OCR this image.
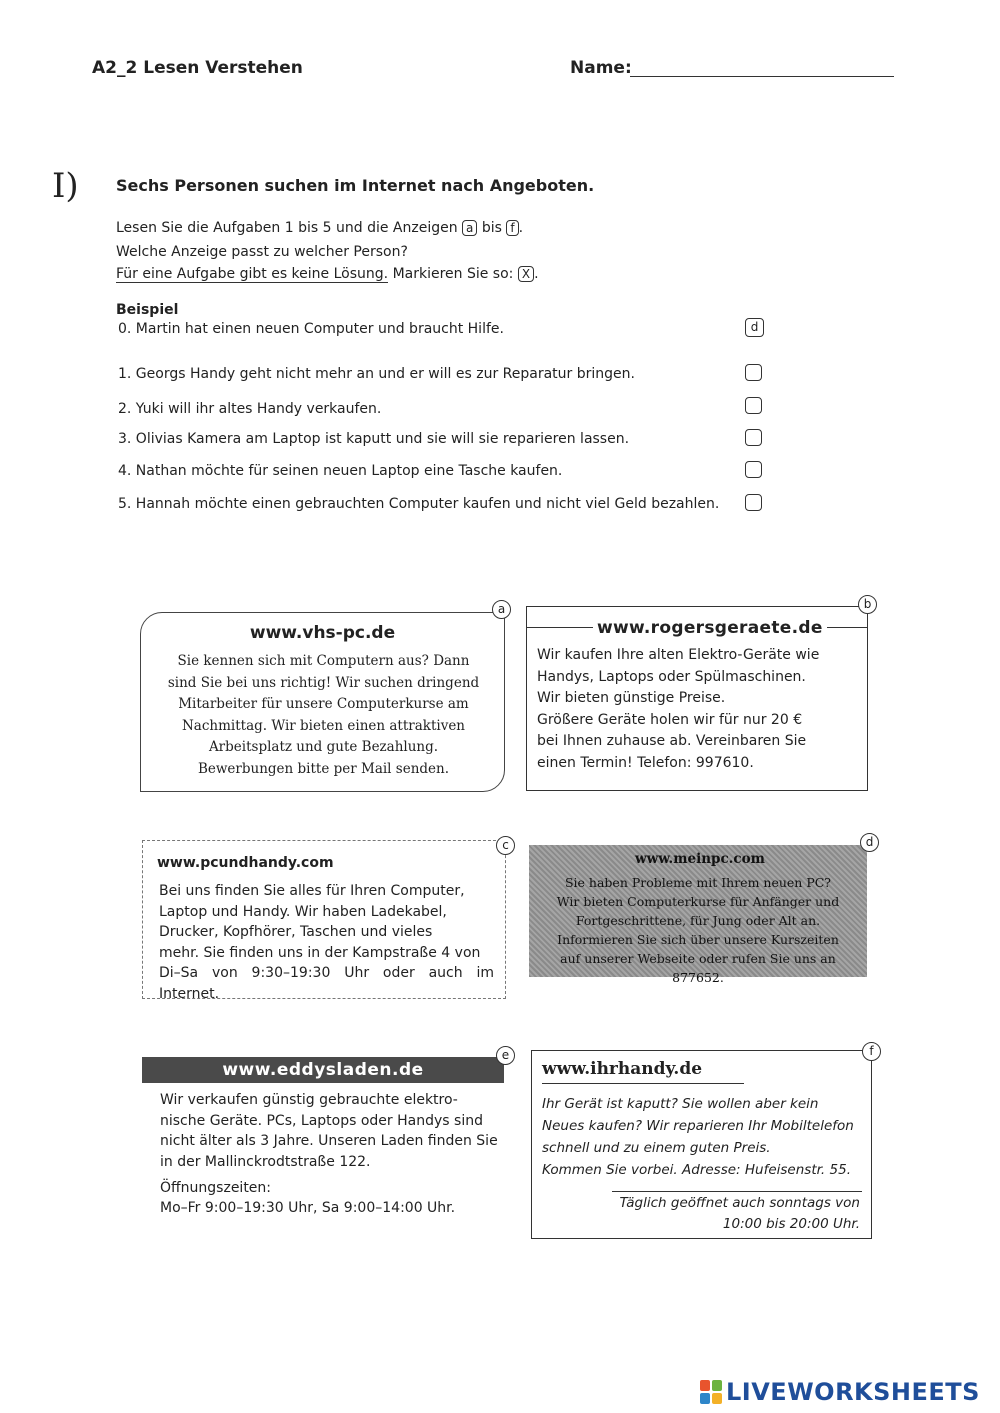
A2_2 Lesen Verstehen	Name:
I) Sechs Personen suchen im Internet nach Angeboten.
Lesen Sie die Aufgaben 1 bis 5 und die Anzeigen a bis f .
Welche Anzeige passt zu welcher Person?
Für eine Aufgabe gibt es keine Lösung. Markieren Sie so: X .
Beispiel
0. Martin hat einen neuen Computer und braucht Hilfe.	d
1. Georgs Handy geht nicht mehr an und er will es zur Reparatur bringen.
2. Yuki will ihr altes Handy verkaufen.
3. Olivias Kamera am Laptop ist kaputt und sie will sie reparieren lassen.
4. Nathan möchte für seinen neuen Laptop eine Tasche kaufen.
5. Hannah möchte einen gebrauchten Computer kaufen und nicht viel Geld bezahlen.
www.vhs-pc.de
Sie kennen sich mit Computern aus? Dann
sind Sie bei uns richtig! Wir suchen dringend
Mitarbeiter für unsere Computerkurse am
Nachmittag. Wir bieten einen attraktiven
Arbeitsplatz und gute Bezahlung.
Bewerbungen bitte per Mail senden.
a
www.rogersgeraete.de
Wir kaufen Ihre alten Elektro-Geräte wie
Handys, Laptops oder Spülmaschinen.
Wir bieten günstige Preise.
Größere Geräte holen wir für nur 20 €
bei Ihnen zuhause ab. Vereinbaren Sie
einen Termin! Telefon: 997610.
b
www.pcundhandy.com
Bei uns finden Sie alles für Ihren Computer,
Laptop und Handy. Wir haben Ladekabel,
Drucker, Kopfhörer, Taschen und vieles
mehr. Sie finden uns in der Kampstraße 4 von
Di–Sa von 9:30–19:30 Uhr oder auch im Internet.
c
www.meinpc.com
Sie haben Probleme mit Ihrem neuen PC?
Wir bieten Computerkurse für Anfänger und
Fortgeschrittene, für Jung oder Alt an.
Informieren Sie sich über unsere Kurszeiten
auf unserer Webseite oder rufen Sie uns an 877652.
d
www.eddysladen.de
e
Wir verkaufen günstig gebrauchte elektro-
nische Geräte. PCs, Laptops oder Handys sind
nicht älter als 3 Jahre. Unseren Laden finden Sie
in der Mallinckrodtstraße 122.
Öffnungszeiten:
Mo–Fr 9:00–19:30 Uhr, Sa 9:00–14:00 Uhr.
www.ihrhandy.de
Ihr Gerät ist kaputt? Sie wollen aber kein
Neues kaufen? Wir reparieren Ihr Mobiltelefon
schnell und zu einem guten Preis.
Kommen Sie vorbei. Adresse: Hufeisenstr. 55.
Täglich geöffnet auch sonntags von
10:00 bis 20:00 Uhr.
f
LIVEWORKSHEETS
